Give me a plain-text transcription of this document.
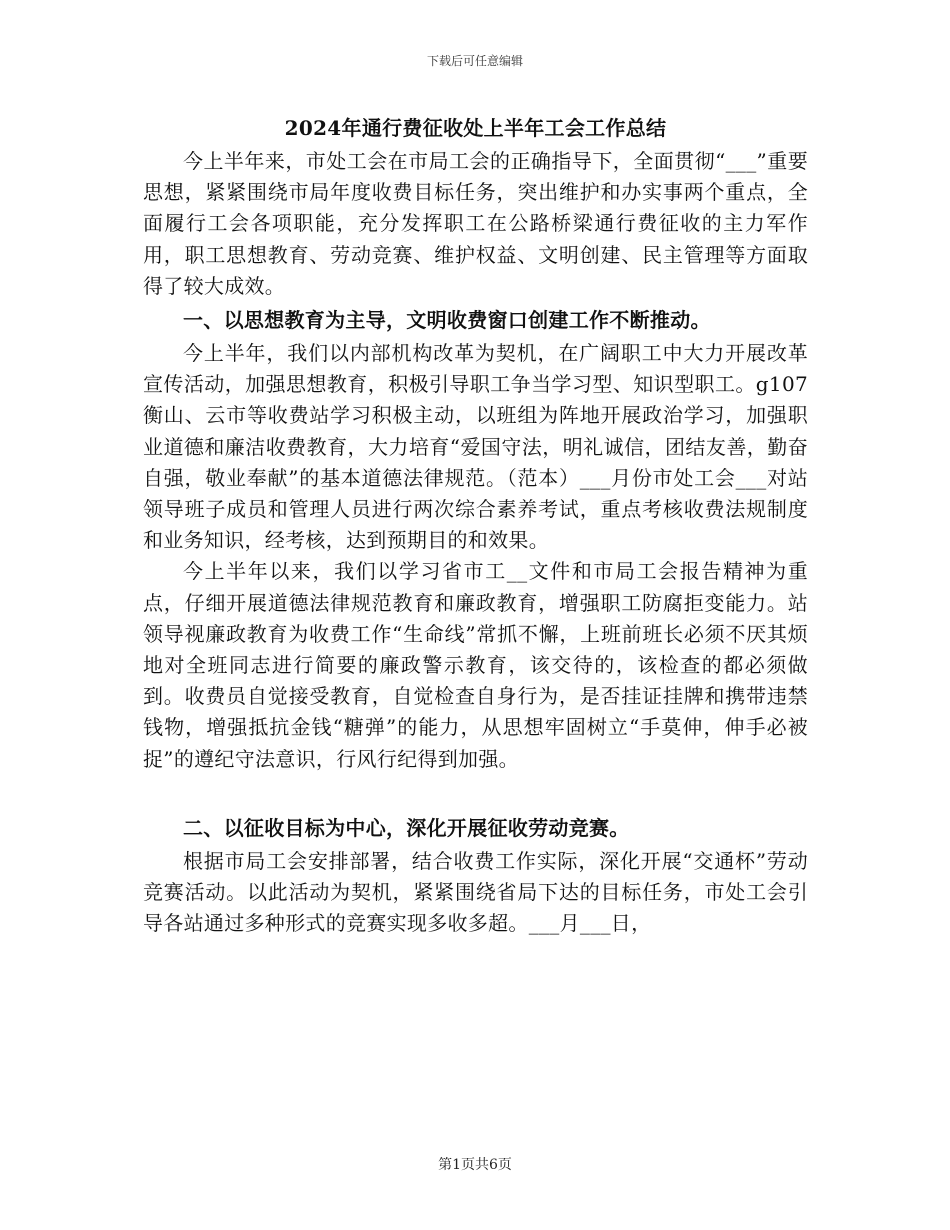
下载后可任意编辑
2024年通行费征收处上半年工会工作总结

今上半年来，市处工会在市局工会的正确指导下，全面贯彻“___”重要思想，紧紧围绕市局年度收费目标任务，突出维护和办实事两个重点，全面履行工会各项职能，充分发挥职工在公路桥梁通行费征收的主力军作用，职工思想教育、劳动竞赛、维护权益、文明创建、民主管理等方面取得了较大成效。

一、以思想教育为主导，文明收费窗口创建工作不断推动。

今上半年，我们以内部机构改革为契机，在广阔职工中大力开展改革宣传活动，加强思想教育，积极引导职工争当学习型、知识型职工。g107衡山、云市等收费站学习积极主动，以班组为阵地开展政治学习，加强职业道德和廉洁收费教育，大力培育“爱国守法，明礼诚信，团结友善，勤奋自强，敬业奉献”的基本道德法律规范。（范本）___月份市处工会___对站领导班子成员和管理人员进行两次综合素养考试，重点考核收费法规制度和业务知识，经考核，达到预期目的和效果。

今上半年以来，我们以学习省市工__文件和市局工会报告精神为重点，仔细开展道德法律规范教育和廉政教育，增强职工防腐拒变能力。站领导视廉政教育为收费工作“生命线”常抓不懈，上班前班长必须不厌其烦地对全班同志进行简要的廉政警示教育，该交待的，该检查的都必须做到。收费员自觉接受教育，自觉检查自身行为，是否挂证挂牌和携带违禁钱物，增强抵抗金钱“糖弹”的能力，从思想牢固树立“手莫伸，伸手必被捉”的遵纪守法意识，行风行纪得到加强。

二、以征收目标为中心，深化开展征收劳动竞赛。

根据市局工会安排部署，结合收费工作实际，深化开展“交通杯”劳动竞赛活动。以此活动为契机，紧紧围绕省局下达的目标任务，市处工会引导各站通过多种形式的竞赛实现多收多超。___月___日，

第1页共6页
